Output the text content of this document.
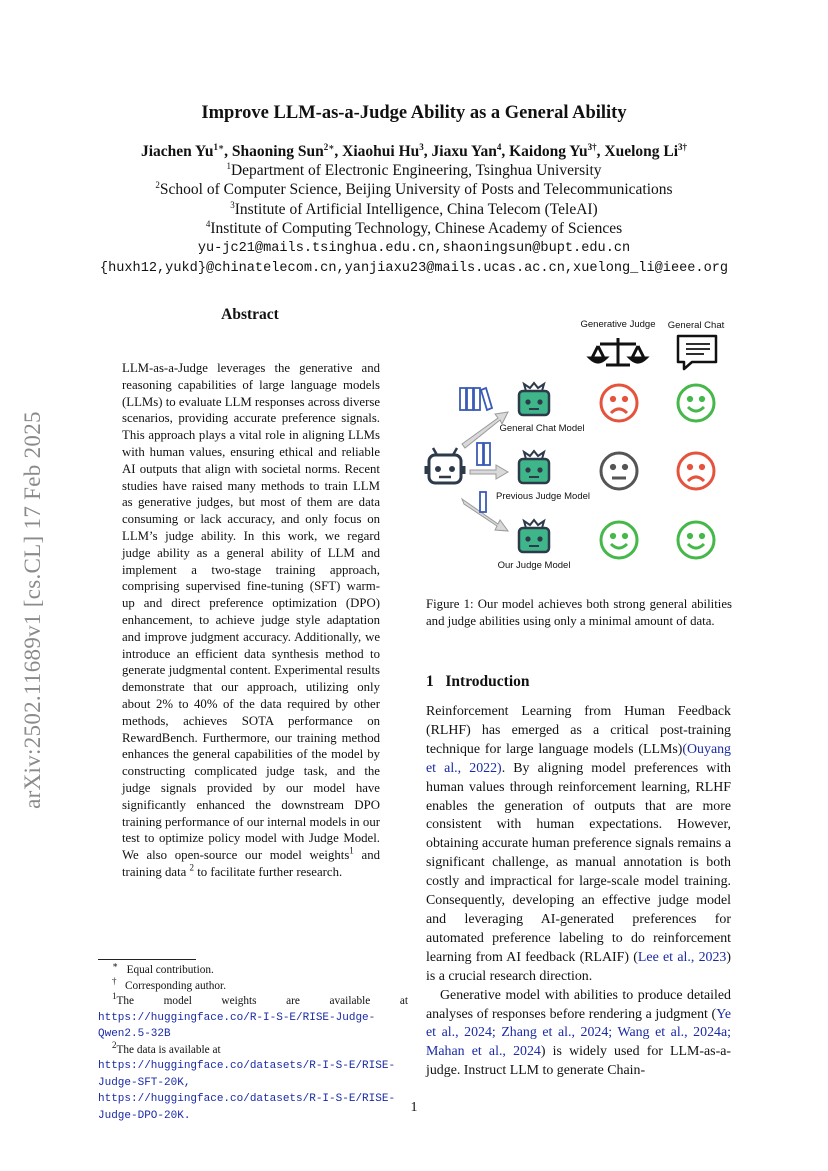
Improve LLM-as-a-Judge Ability as a General Ability
Jiachen $Yu^{1∗}$, Shaoning Sun$^{2∗}$, Xiaohui Hu$^3$, Jiaxu Yan$^4$, Kaidong $Yu^{3\dagger}$, Xuelong $Li^{3\dagger}$
$^1$Department of Electronic Engineering, Tsinghua University
$^2$School of Computer Science, Beijing University of Posts and Telecommunications
$^3$Institute of Artificial Intelligence, China Telecom (TeleAI)
$^4$Institute of Computing Technology, Chinese Academy of Sciences
yu-jc21@mails.tsinghua.edu.cn,shaoningsun@bupt.edu.cn
{huxh12,yukd}@chinatelecom.cn,yanjiaxu23@mails.ucas.ac.cn,xuelong_li@ieee.org
arXiv:2502.11689v1 [cs.CL] 17 Feb 2025
Abstract
LLM-as-a-Judge leverages the generative and reasoning capabilities of large language models (LLMs) to evaluate LLM responses across diverse scenarios, providing accurate preference signals. This approach plays a vital role in aligning LLMs with human values, ensuring ethical and reliable AI outputs that align with societal norms. Recent studies have raised many methods to train LLM as generative judges, but most of them are data consuming or lack accuracy, and only focus on LLM’s judge ability. In this work, we regard judge ability as a general ability of LLM and implement a two-stage training approach, comprising supervised fine-tuning (SFT) warm-up and direct preference optimization (DPO) enhancement, to achieve judge style adaptation and improve judgment accuracy. Additionally, we introduce an efficient data synthesis method to generate judgmental content. Experimental results demonstrate that our approach, utilizing only about 2% to 40% of the data required by other methods, achieves SOTA performance on RewardBench. Furthermore, our training method enhances the general capabilities of the model by constructing complicated judge task, and the judge signals provided by our model have significantly enhanced the downstream DPO training performance of our internal models in our test to optimize policy model with Judge Model. We also open-source our model weights$^1$ and training data $^2$ to facilitate further research.
∗ Equal contribution.
† Corresponding author.
$^1$The model weights are available at https://huggingface.co/R-I-S-E/RISE-Judge-Qwen2.5-32B
$^2$The data is available at https://huggingface.co/datasets/R-I-S-E/RISE-Judge-SFT-20K, https://huggingface.co/datasets/R-I-S-E/RISE-Judge-DPO-20K.
Generative Judge General Chat
General Chat Model
Previous Judge Model
Our Judge Model
Figure 1: Our model achieves both strong general abilities and judge abilities using only a minimal amount of data.
1 Introduction

Reinforcement Learning from Human Feedback (RLHF) has emerged as a critical post-training technique for large language models (LLMs)(Ouyang et al., 2022). By aligning model preferences with human values through reinforcement learning, RLHF enables the generation of outputs that are more consistent with human expectations. However, obtaining accurate human preference signals remains a significant challenge, as manual annotation is both costly and impractical for large-scale model training. Consequently, developing an effective judge model and leveraging AI-generated preferences for automated preference labeling to do reinforcement learning from AI feedback (RLAIF) (Lee et al., 2023) is a crucial research direction.

Generative model with abilities to produce detailed analyses of responses before rendering a judgment (Ye et al., 2024; Zhang et al., 2024; Wang et al., 2024a; Mahan et al., 2024) is widely used for LLM-as-a-judge. Instruct LLM to generate Chain-

1
